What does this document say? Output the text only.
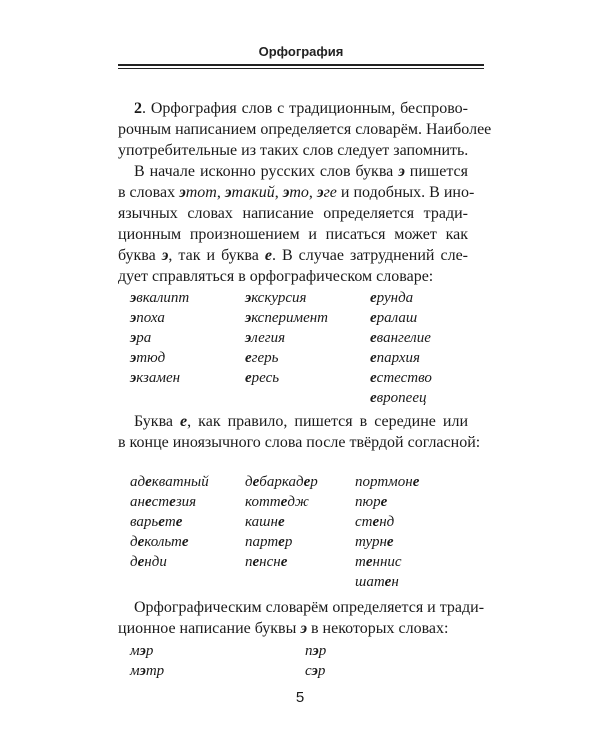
Орфография
2. Орфография слов с традиционным, беспрово-
рочным написанием определяется словарём. Наиболее
употребительные из таких слов следует запомнить.
В начале исконно русских слов буква э пишется
в словах этот, этакий, это, эге и подобных. В ино-
язычных словах написание определяется тради-
ционным произношением и писаться может как
буква э, так и буква е. В случае затруднений сле-
дует справляться в орфографическом словаре:
эвкалипт
эпоха
эра
этюд
экзамен
экскурсия
эксперимент
элегия
егерь
ересь
ерунда
ералаш
евангелие
епархия
естество
европеец
Буква е, как правило, пишется в середине или
в конце иноязычного слова после твёрдой согласной:
адекватный
анестезия
варьете
декольте
денди
дебаркадер
коттедж
кашне
партер
пенсне
портмоне
пюре
стенд
турне
теннис
шатен
Орфографическим словарём определяется и тради-
ционное написание буквы э в некоторых словах:
мэр
мэтр
пэр
сэр
5
